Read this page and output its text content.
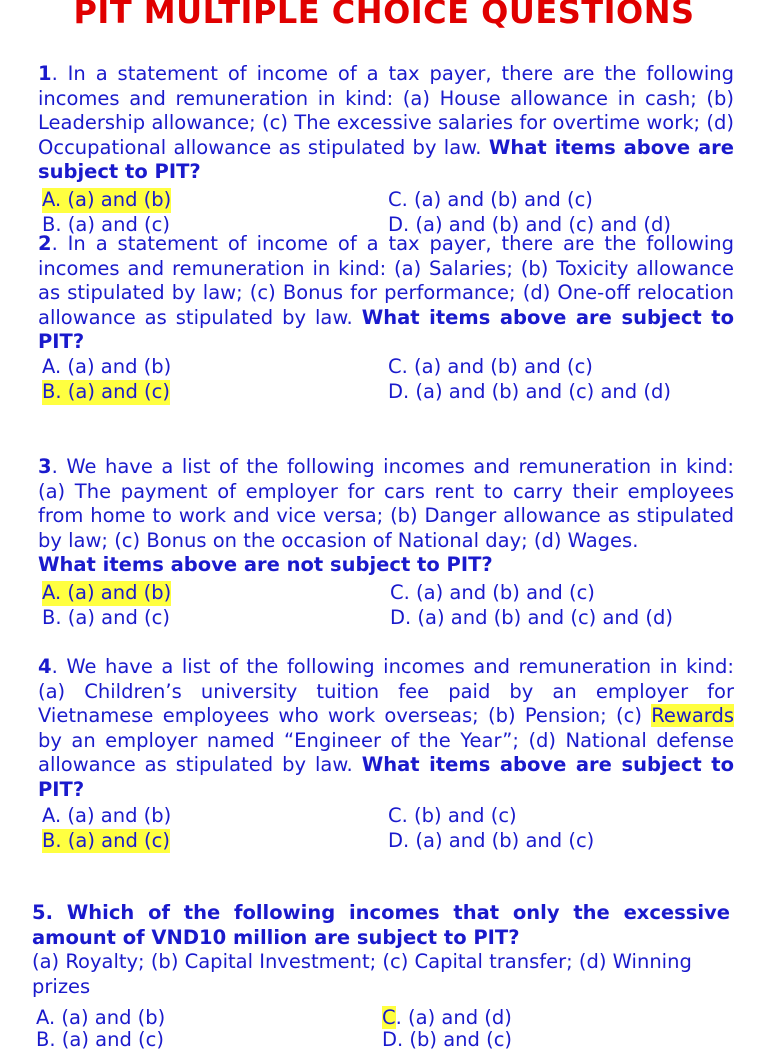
PIT MULTIPLE CHOICE QUESTIONS
1. In a statement of income of a tax payer, there are the following incomes and remuneration in kind: (a) House allowance in cash; (b) Leadership allowance; (c) The excessive salaries for overtime work; (d) Occupational allowance as stipulated by law. What items above are subject to PIT?
A. (a) and (b)
B. (a) and (c)
C. (a) and (b) and (c)
D. (a) and (b) and (c) and (d)
2. In a statement of income of a tax payer, there are the following incomes and remuneration in kind: (a) Salaries; (b) Toxicity allowance as stipulated by law; (c) Bonus for performance; (d) One-off relocation allowance as stipulated by law. What items above are subject to PIT?
A. (a) and (b)
B. (a) and (c)
C. (a) and (b) and (c)
D. (a) and (b) and (c) and (d)
3. We have a list of the following incomes and remuneration in kind: (a) The payment of employer for cars rent to carry their employees from home to work and vice versa; (b) Danger allowance as stipulated by law; (c) Bonus on the occasion of National day; (d) Wages.
What items above are not subject to PIT?
A. (a) and (b)
B. (a) and (c)
C. (a) and (b) and (c)
D. (a) and (b) and (c) and (d)
4. We have a list of the following incomes and remuneration in kind: (a) Children’s university tuition fee paid by an employer for Vietnamese employees who work overseas; (b) Pension; (c) Rewards by an employer named “Engineer of the Year”; (d) National defense allowance as stipulated by law. What items above are subject to PIT?
A. (a) and (b)
B. (a) and (c)
C. (b) and (c)
D. (a) and (b) and (c)
5. Which of the following incomes that only the excessive amount of VND10 million are subject to PIT?
(a) Royalty; (b) Capital Investment; (c) Capital transfer; (d) Winning prizes
A. (a) and (b)
B. (a) and (c)
C. (a) and (d)
D. (b) and (c)
